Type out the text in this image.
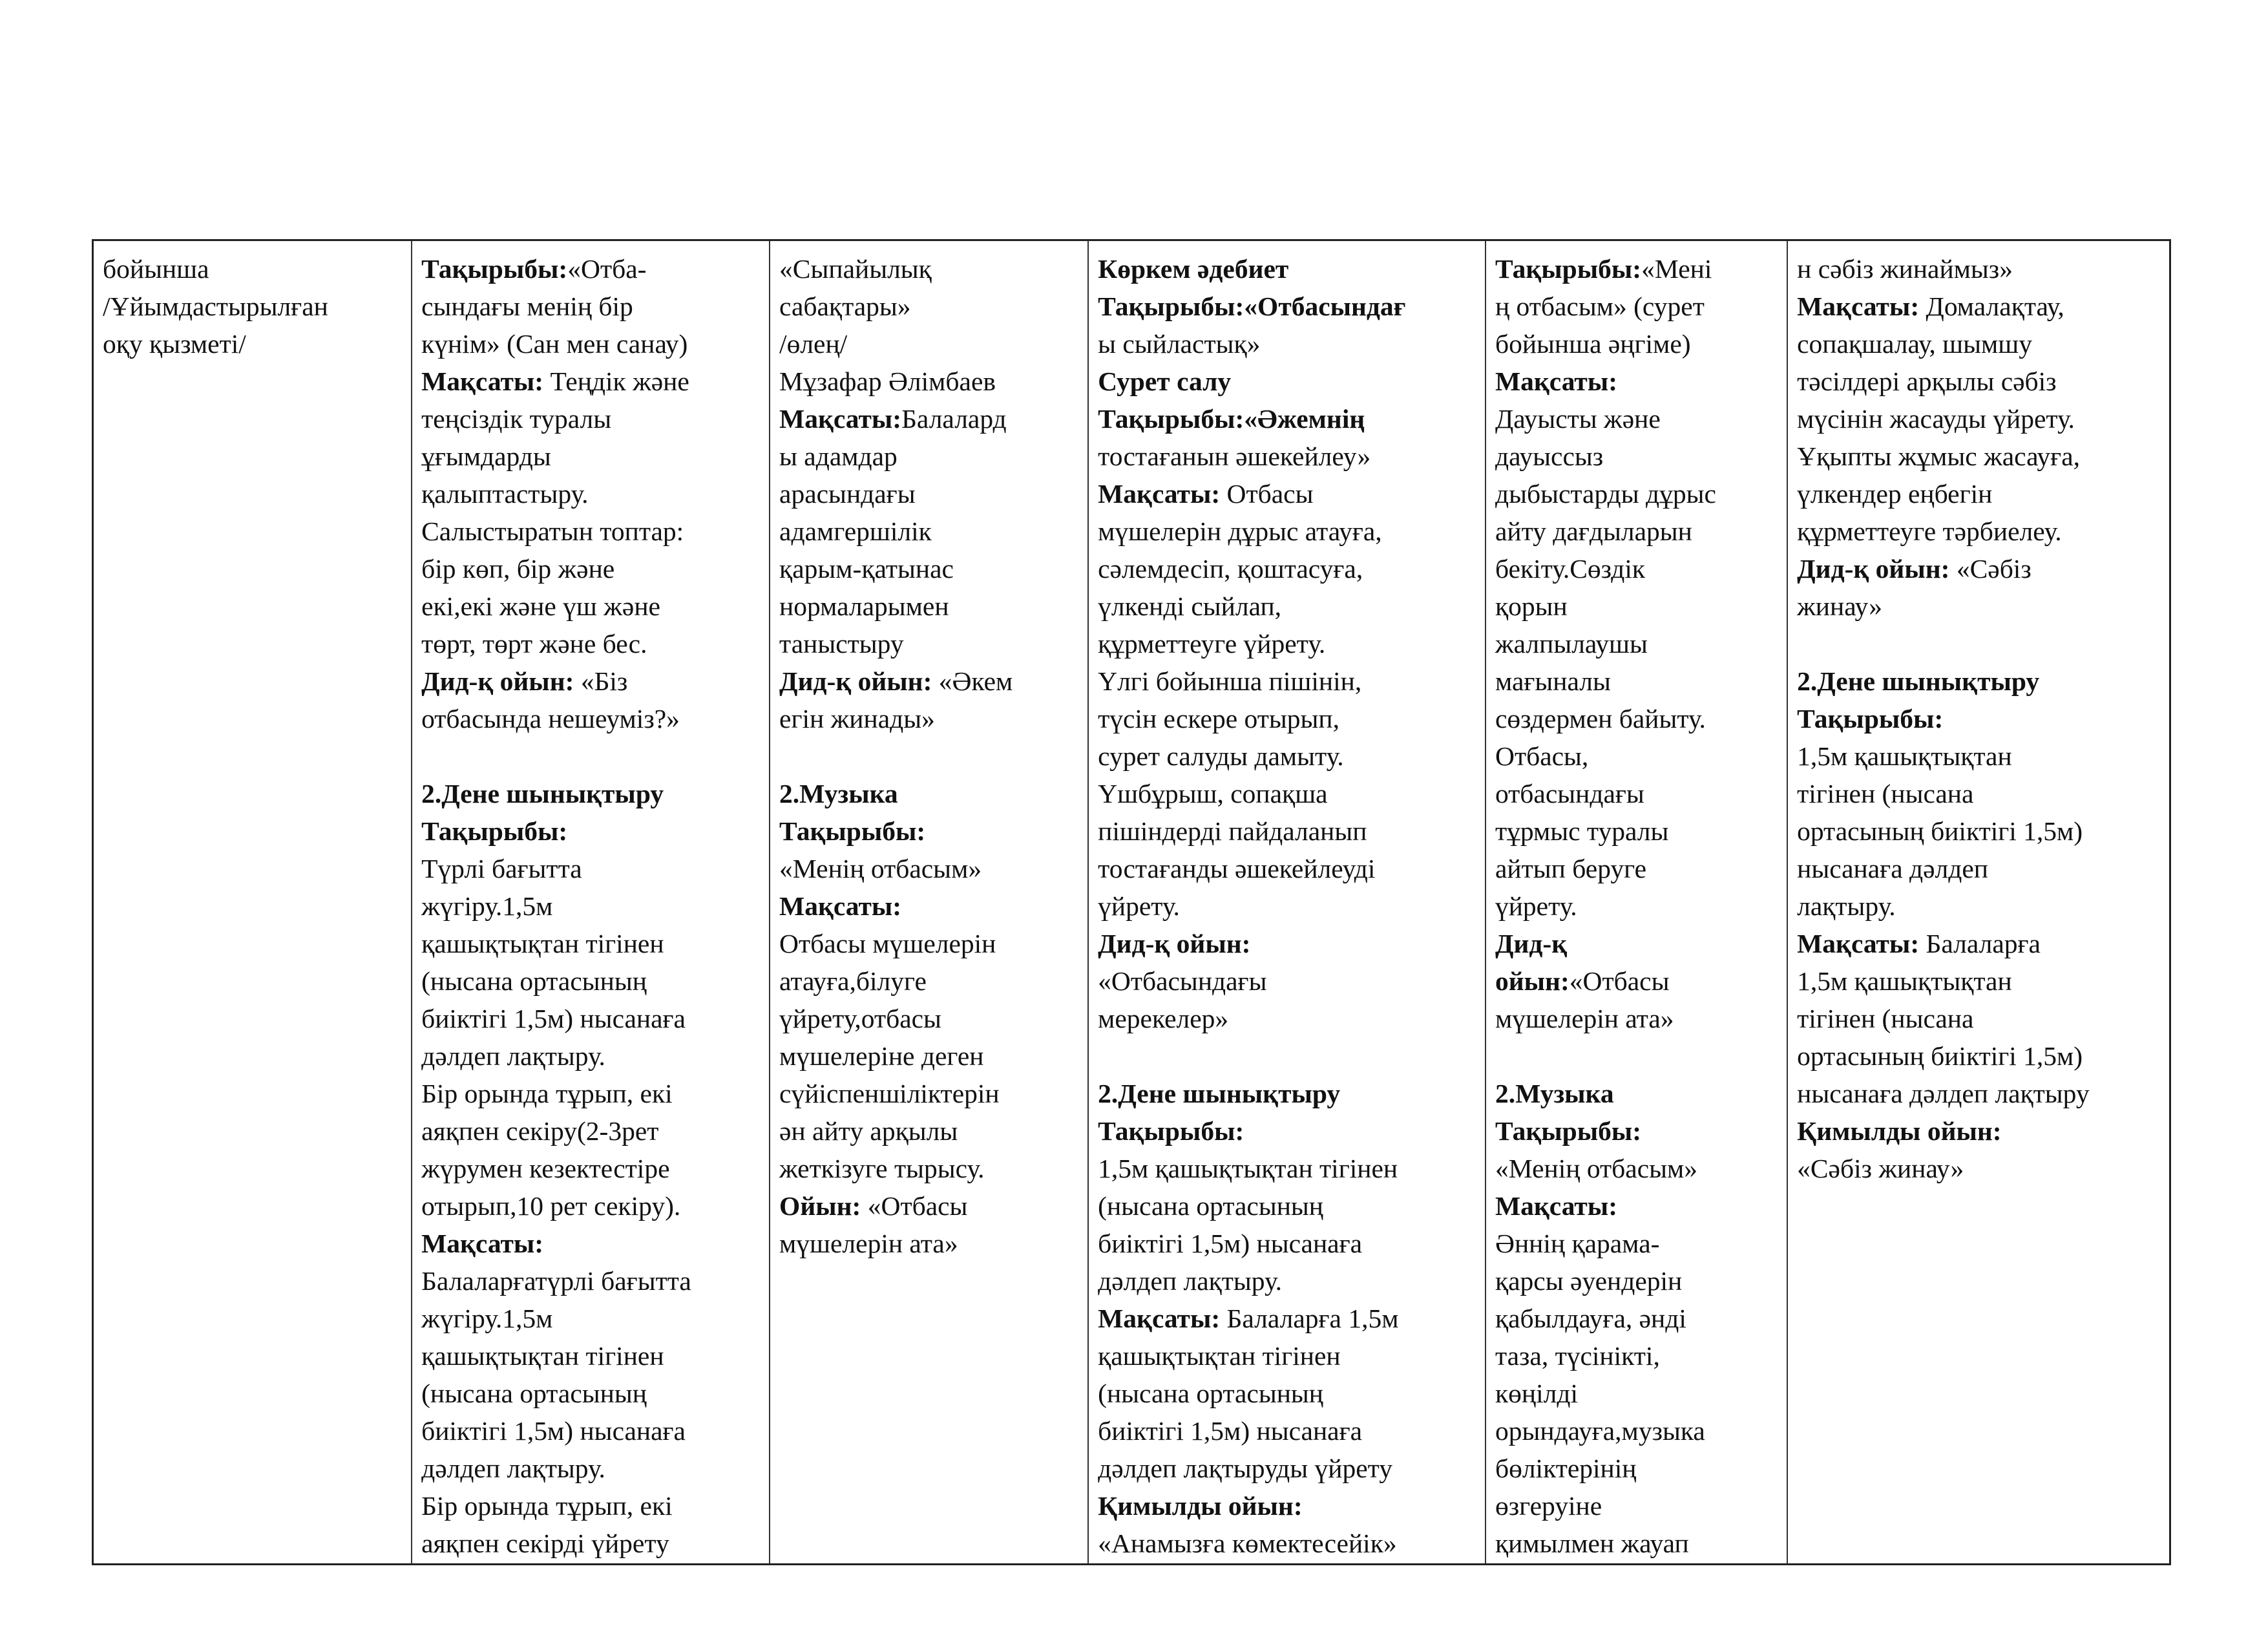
бойынша
/Ұйымдастырылған
оқу қызметі/
Тақырыбы:«Отба-
сындағы менің бір
күнім» (Сан мен санау)
Мақсаты: Теңдік және
теңсіздік туралы
ұғымдарды
қалыптастыру.
Салыстыратын топтар:
бір көп, бір және
екі,екі және үш және
төрт, төрт және бес.
Дид-қ ойын: «Біз
отбасында нешеуміз?»
2.Дене шынықтыру
Тақырыбы:
Түрлі бағытта
жүгіру.1,5м
қашықтықтан тігінен
(нысана ортасының
биіктігі 1,5м) нысанаға
дәлдеп лақтыру.
Бір орында тұрып, екі
аяқпен секіру(2-3рет
жүрумен кезектестіре
отырып,10 рет секіру).
Мақсаты:
Балаларғатүрлі бағытта
жүгіру.1,5м
қашықтықтан тігінен
(нысана ортасының
биіктігі 1,5м) нысанаға
дәлдеп лақтыру.
Бір орында тұрып, екі
аяқпен секірді үйрету
«Сыпайылық
сабақтары»
/өлең/
Мұзафар Әлімбаев
Мақсаты:Балалард
ы адамдар
арасындағы
адамгершілік
қарым-қатынас
нормаларымен
таныстыру
Дид-қ ойын: «Әкем
егін жинады»
2.Музыка
Тақырыбы:
«Менің отбасым»
Мақсаты:
Отбасы мүшелерін
атауға,білуге
үйрету,отбасы
мүшелеріне деген
сүйіспеншіліктерін
ән айту арқылы
жеткізуге тырысу.
Ойын: «Отбасы
мүшелерін ата»
Көркем әдебиет
Тақырыбы:«Отбасындағ
ы сыйластық»
Сурет салу
Тақырыбы:«Әжемнің
тостағанын әшекейлеу»
Мақсаты: Отбасы
мүшелерін дұрыс атауға,
сәлемдесіп, қоштасуға,
үлкенді сыйлап,
құрметтеуге үйрету.
Үлгі бойынша пішінін,
түсін ескере отырып,
сурет салуды дамыту.
Үшбұрыш, сопақша
пішіндерді пайдаланып
тостағанды әшекейлеуді
үйрету.
Дид-қ ойын:
«Отбасындағы
мерекелер»
2.Дене шынықтыру
Тақырыбы:
1,5м қашықтықтан тігінен
(нысана ортасының
биіктігі 1,5м) нысанаға
дәлдеп лақтыру.
Мақсаты: Балаларға 1,5м
қашықтықтан тігінен
(нысана ортасының
биіктігі 1,5м) нысанаға
дәлдеп лақтыруды үйрету
Қимылды ойын:
«Анамызға көмектесейік»
Тақырыбы:«Мені
ң отбасым» (сурет
бойынша әңгіме)
Мақсаты:
Дауысты және
дауыссыз
дыбыстарды дұрыс
айту дағдыларын
бекіту.Сөздік
қорын
жалпылаушы
мағыналы
сөздермен байыту.
Отбасы,
отбасындағы
тұрмыс туралы
айтып беруге
үйрету.
Дид-қ
ойын:«Отбасы
мүшелерін ата»
2.Музыка
Тақырыбы:
«Менің отбасым»
Мақсаты:
Әннің қарама-
қарсы әуендерін
қабылдауға, әнді
таза, түсінікті,
көңілді
орындауға,музыка
бөліктерінің
өзгеруіне
қимылмен жауап
н сәбіз жинаймыз»
Мақсаты: Домалақтау,
сопақшалау, шымшу
тәсілдері арқылы сәбіз
мүсінін жасауды үйрету.
Ұқыпты жұмыс жасауға,
үлкендер еңбегін
құрметтеуге тәрбиелеу.
Дид-қ ойын: «Сәбіз
жинау»
2.Дене шынықтыру
Тақырыбы:
1,5м қашықтықтан
тігінен (нысана
ортасының биіктігі 1,5м)
нысанаға дәлдеп
лақтыру.
Мақсаты: Балаларға
1,5м қашықтықтан
тігінен (нысана
ортасының биіктігі 1,5м)
нысанаға дәлдеп лақтыру
Қимылды ойын:
«Сәбіз жинау»
